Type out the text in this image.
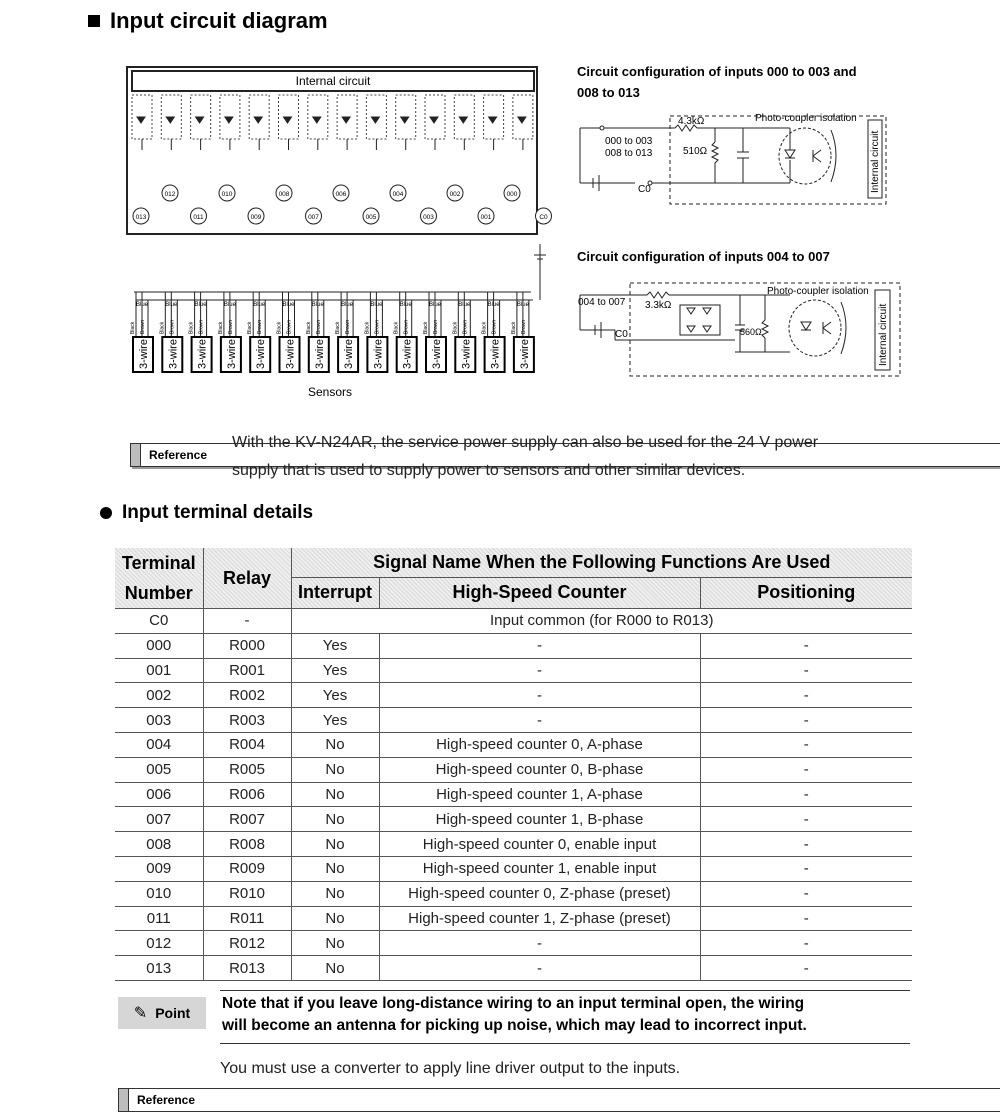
Input circuit diagram
Internal circuit
Blue
Black Brown
3-wire
Blue
Black Brown
3-wire
Blue
Black Brown
3-wire
Blue
Black Brown
3-wire
Blue
Black Brown
3-wire
Blue
Black Brown
3-wire
Blue
Black Brown
3-wire
Blue
Black Brown
3-wire
Blue
Black Brown
3-wire
Blue
Black Brown
3-wire
Blue
Black Brown
3-wire
Blue
Black Brown
3-wire
Blue
Black Brown
3-wire
Blue
Black Brown
3-wire
012	010	008	006	004	002	000
013	011	009	007	005	003	001	C0
Sensors
Circuit configuration of inputs 000 to 003 and
008 to 013
000 to 003
008 to 013
4.3kΩ
510Ω
C0
Photo-coupler isolation
Internal circuit
Circuit configuration of inputs 004 to 007
004 to 007 3.3kΩ
560Ω
C0
Photo-coupler isolation
Internal circuit
Reference
With the KV-N24AR, the service power supply can also be used for the 24 V power
supply that is used to supply power to sensors and other similar devices.
Input terminal details
Terminal
Number	Relay	Signal Name When the Following Functions Are Used		
		Interrupt	High-Speed Counter	Positioning
C0	-	Input common (for R000 to R013)		
000	R000	Yes	-	-
001	R001	Yes	-	-
002	R002	Yes	-	-
003	R003	Yes	-	-
004	R004	No	High-speed counter 0, A-phase	-
005	R005	No	High-speed counter 0, B-phase	-
006	R006	No	High-speed counter 1, A-phase	-
007	R007	No	High-speed counter 1, B-phase	-
008	R008	No	High-speed counter 0, enable input	-
009	R009	No	High-speed counter 1, enable input	-
010	R010	No	High-speed counter 0, Z-phase (preset)	-
011	R011	No	High-speed counter 1, Z-phase (preset)	-
012	R012	No	-	-
013	R013	No	-	-
✎ Point
Note that if you leave long-distance wiring to an input terminal open, the wiring
will become an antenna for picking up noise, which may lead to incorrect input.
Reference
You must use a converter to apply line driver output to the inputs.
